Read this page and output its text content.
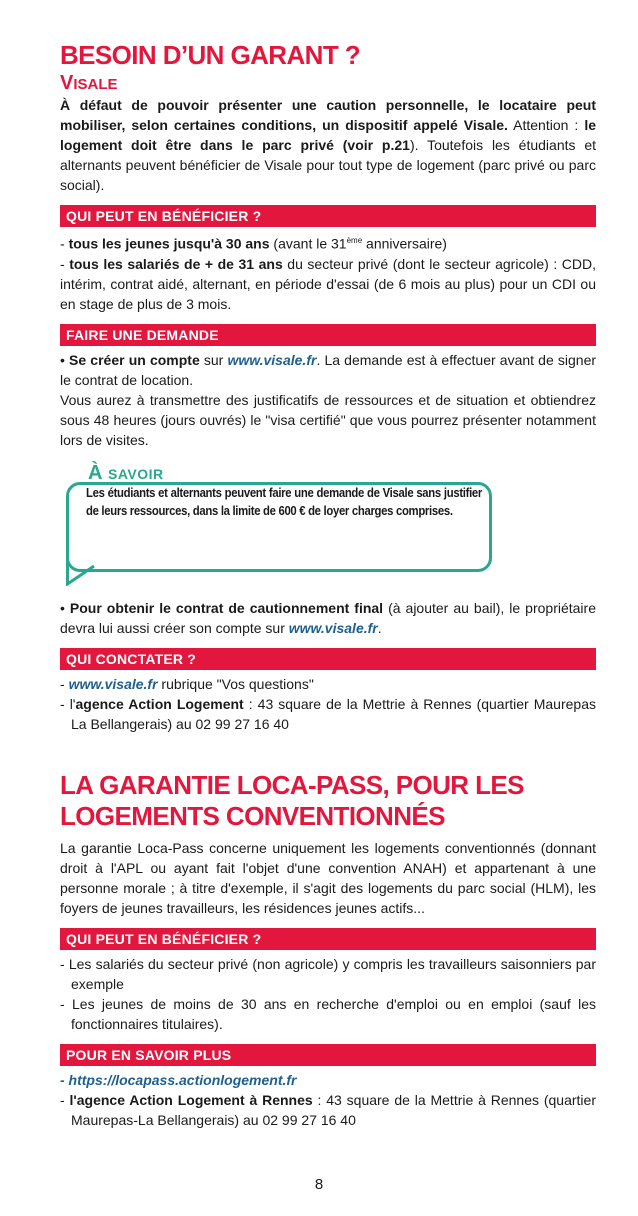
BESOIN D’UN GARANT ?
VISALE

À défaut de pouvoir présenter une caution personnelle, le locataire peut mobiliser, selon certaines conditions, un dispositif appelé Visale. Attention : le logement doit être dans le parc privé (voir p.21). Toutefois les étudiants et alternants peuvent bénéficier de Visale pour tout type de logement (parc privé ou parc social).

QUI PEUT EN BÉNÉFICIER ?

- tous les jeunes jusqu'à 30 ans (avant le 31ème anniversaire)

- tous les salariés de + de 31 ans du secteur privé (dont le secteur agricole) : CDD, intérim, contrat aidé, alternant, en période d'essai (de 6 mois au plus) pour un CDI ou en stage de plus de 3 mois.

FAIRE UNE DEMANDE

• Se créer un compte sur www.visale.fr. La demande est à effectuer avant de signer le contrat de location.

Vous aurez à transmettre des justificatifs de ressources et de situation et obtiendrez sous 48 heures (jours ouvrés) le "visa certifié" que vous pourrez présenter notamment lors de visites.

À SAVOIR
Les étudiants et alternants peuvent faire une demande de Visale sans justifier de leurs ressources, dans la limite de 600 € de loyer charges comprises.

• Pour obtenir le contrat de cautionnement final (à ajouter au bail), le propriétaire devra lui aussi créer son compte sur www.visale.fr.

QUI CONCTATER ?

- www.visale.fr rubrique "Vos questions"

- l'agence Action Logement : 43 square de la Mettrie à Rennes (quartier Maurepas La Bellangerais) au 02 99 27 16 40

LA GARANTIE LOCA-PASS, POUR LES
LOGEMENTS CONVENTIONNÉS

La garantie Loca-Pass concerne uniquement les logements conventionnés (donnant droit à l'APL ou ayant fait l'objet d'une convention ANAH) et appartenant à une personne morale ; à titre d'exemple, il s'agit des logements du parc social (HLM), les foyers de jeunes travailleurs, les résidences jeunes actifs...

QUI PEUT EN BÉNÉFICIER ?

- Les salariés du secteur privé (non agricole) y compris les travailleurs saisonniers par exemple

- Les jeunes de moins de 30 ans en recherche d'emploi ou en emploi (sauf les fonctionnaires titulaires).

POUR EN SAVOIR PLUS

- https://locapass.actionlogement.fr

- l'agence Action Logement à Rennes : 43 square de la Mettrie à Rennes (quartier Maurepas-La Bellangerais) au 02 99 27 16 40

8
